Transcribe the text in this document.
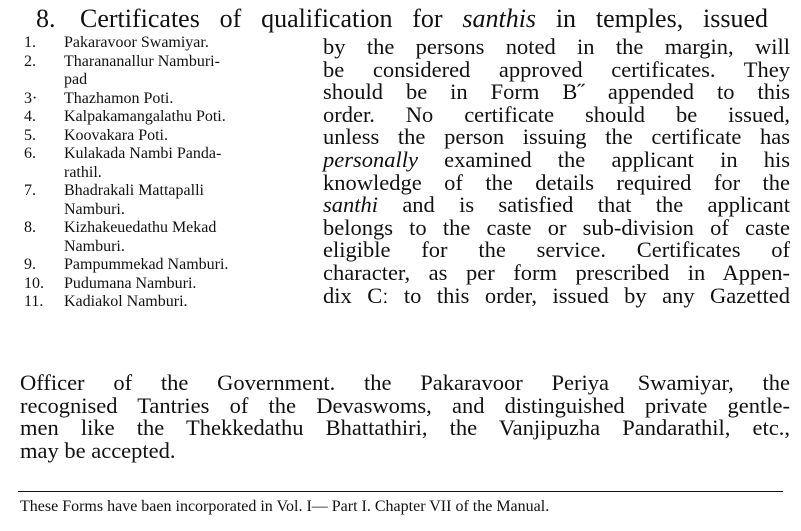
8. Certificates of qualification for santhis in temples, issued
1.	Pakaravoor Swamiyar.
2.	Tharananallur Namburi-
pad
3·	Thazhamon Poti.
4.	Kalpakamangalathu Poti.
5.	Koovakara Poti.
6.	Kulakada Nambi Panda-
rathil.
7.	Bhadrakali Mattapalli
Namburi.
8.	Kizhakeuedathu Mekad
Namburi.
9.	Pampummekad Namburi.
10.	Pudumana Namburi.
11.	Kadiakol Namburi.
by the persons noted in the margin, will
be considered approved certificates. They
should be in Form B˝ appended to this
order. No certificate should be issued,
unless the person issuing the certificate has
personally examined the applicant in his
knowledge of the details required for the
santhi and is satisfied that the applicant
belongs to the caste or sub-division of caste
eligible for the service. Certificates of
character, as per form prescribed in Appen-
dix Cː to this order, issued by any Gazetted
Officer of the Government. the Pakaravoor Periya Swamiyar, the
recognised Tantries of the Devaswoms, and distinguished private gentle-
men like the Thekkedathu Bhattathiri, the Vanjipuzha Pandarathil, etc.,
may be accepted.
These Forms have baen incorporated in Vol. I— Part I. Chapter VII of the Manual.
